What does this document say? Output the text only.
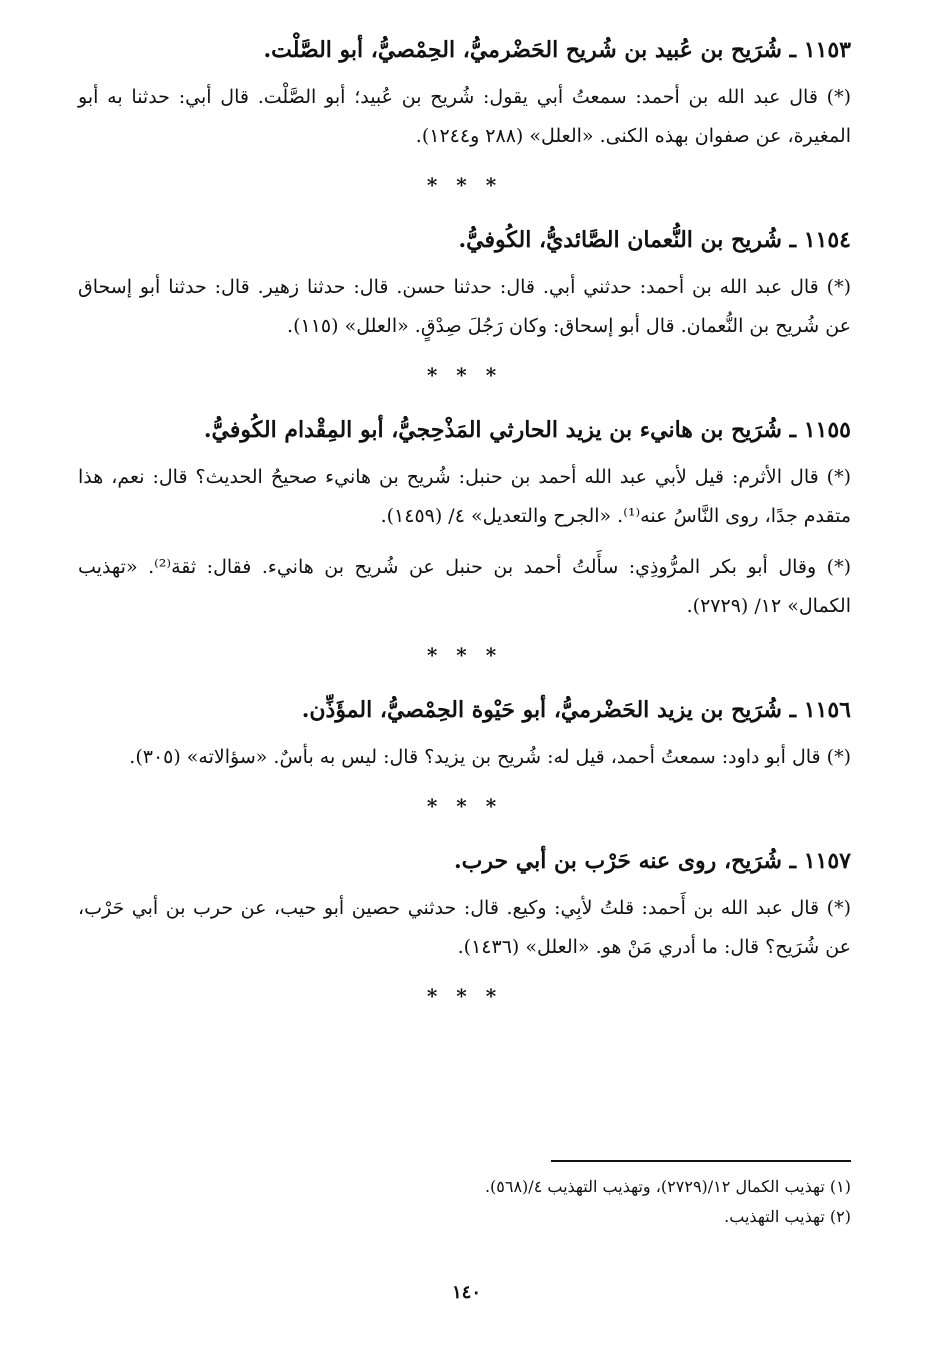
١١٥٣ ـ شُرَيح بن عُبيد بن شُريح الحَضْرميُّ، الحِمْصيُّ، أبو الصَّلْت.

(*) قال عبد الله بن أحمد: سمعتُ أبي يقول: شُريح بن عُبيد؛ أبو الصَّلْت. قال أبي: حدثنا به أبو المغيرة، عن صفوان بهذه الكنى. «العلل» (٢٨٨ و١٢٤٤).

* * *

١١٥٤ ـ شُريح بن النُّعمان الصَّائديُّ، الكُوفيُّ.

(*) قال عبد الله بن أحمد: حدثني أبي. قال: حدثنا حسن. قال: حدثنا زهير. قال: حدثنا أبو إسحاق عن شُريح بن النُّعمان. قال أبو إسحاق: وكان رَجُلَ صِدْقٍ. «العلل» (١١٥).

* * *

١١٥٥ ـ شُرَيح بن هانيء بن يزيد الحارثي المَذْحِجيُّ، أبو المِقْدام الكُوفيُّ.

(*) قال الأثرم: قيل لأبي عبد الله أحمد بن حنبل: شُريح بن هانيء صحيحُ الحديث؟ قال: نعم، هذا متقدم جدًا، روى النَّاسُ عنه⁽¹⁾. «الجرح والتعديل» ٤/ (١٤٥٩).

(*) وقال أبو بكر المرُّوذِي: سأَلتُ أحمد بن حنبل عن شُريح بن هانيء. فقال: ثقة⁽²⁾. «تهذيب الكمال» ١٢/ (٢٧٢٩).

* * *

١١٥٦ ـ شُرَيح بن يزيد الحَضْرميُّ، أبو حَيْوة الحِمْصيُّ، المؤَذِّن.

(*) قال أبو داود: سمعتُ أحمد، قيل له: شُريح بن يزيد؟ قال: ليس به بأسٌ. «سؤالاته» (٣٠٥).

* * *

١١٥٧ ـ شُرَيح، روى عنه حَرْب بن أبي حرب.

(*) قال عبد الله بن أَحمد: قلتُ لأبِي: وكيع. قال: حدثني حصين أبو حيب، عن حرب بن أبي حَرْب، عن شُرَيح؟ قال: ما أدري مَنْ هو. «العلل» (١٤٣٦).

* * *

(١) تهذيب الكمال ١٢/(٢٧٢٩)، وتهذيب التهذيب ٤/(٥٦٨).

(٢) تهذيب التهذيب.

١٤٠
